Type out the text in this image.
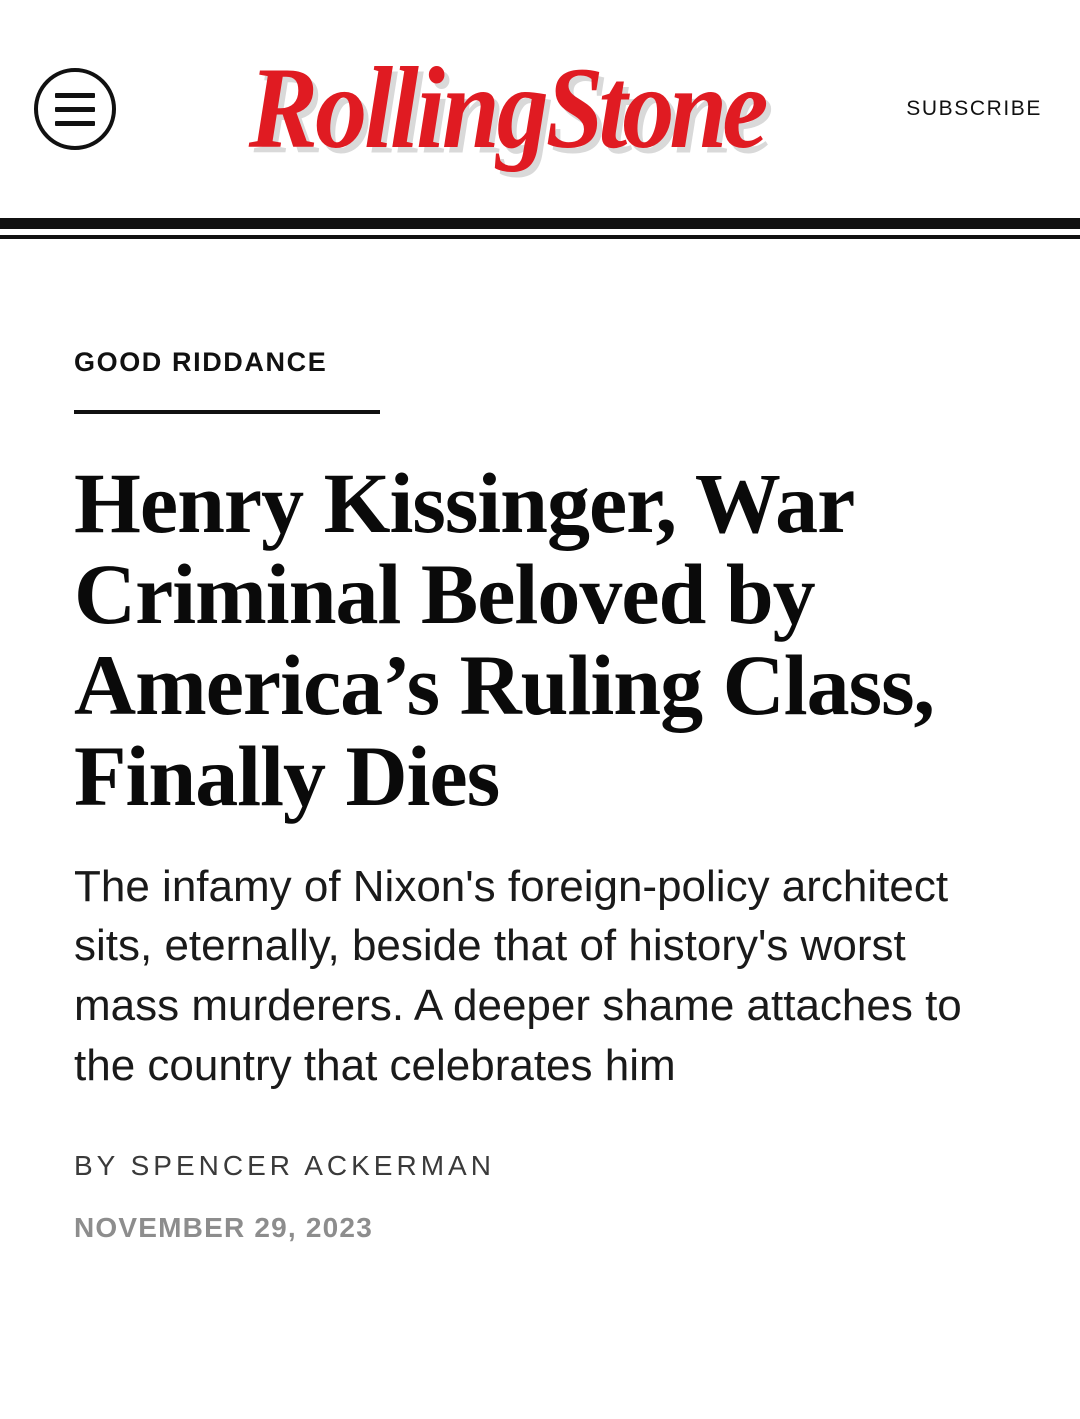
RollingStone	SUBSCRIBE
GOOD RIDDANCE
Henry Kissinger, War Criminal Beloved by America’s Ruling Class, Finally Dies

The infamy of Nixon's foreign-policy architect sits, eternally, beside that of history's worst mass murderers. A deeper shame attaches to the country that celebrates him

BY SPENCER ACKERMAN
NOVEMBER 29, 2023
